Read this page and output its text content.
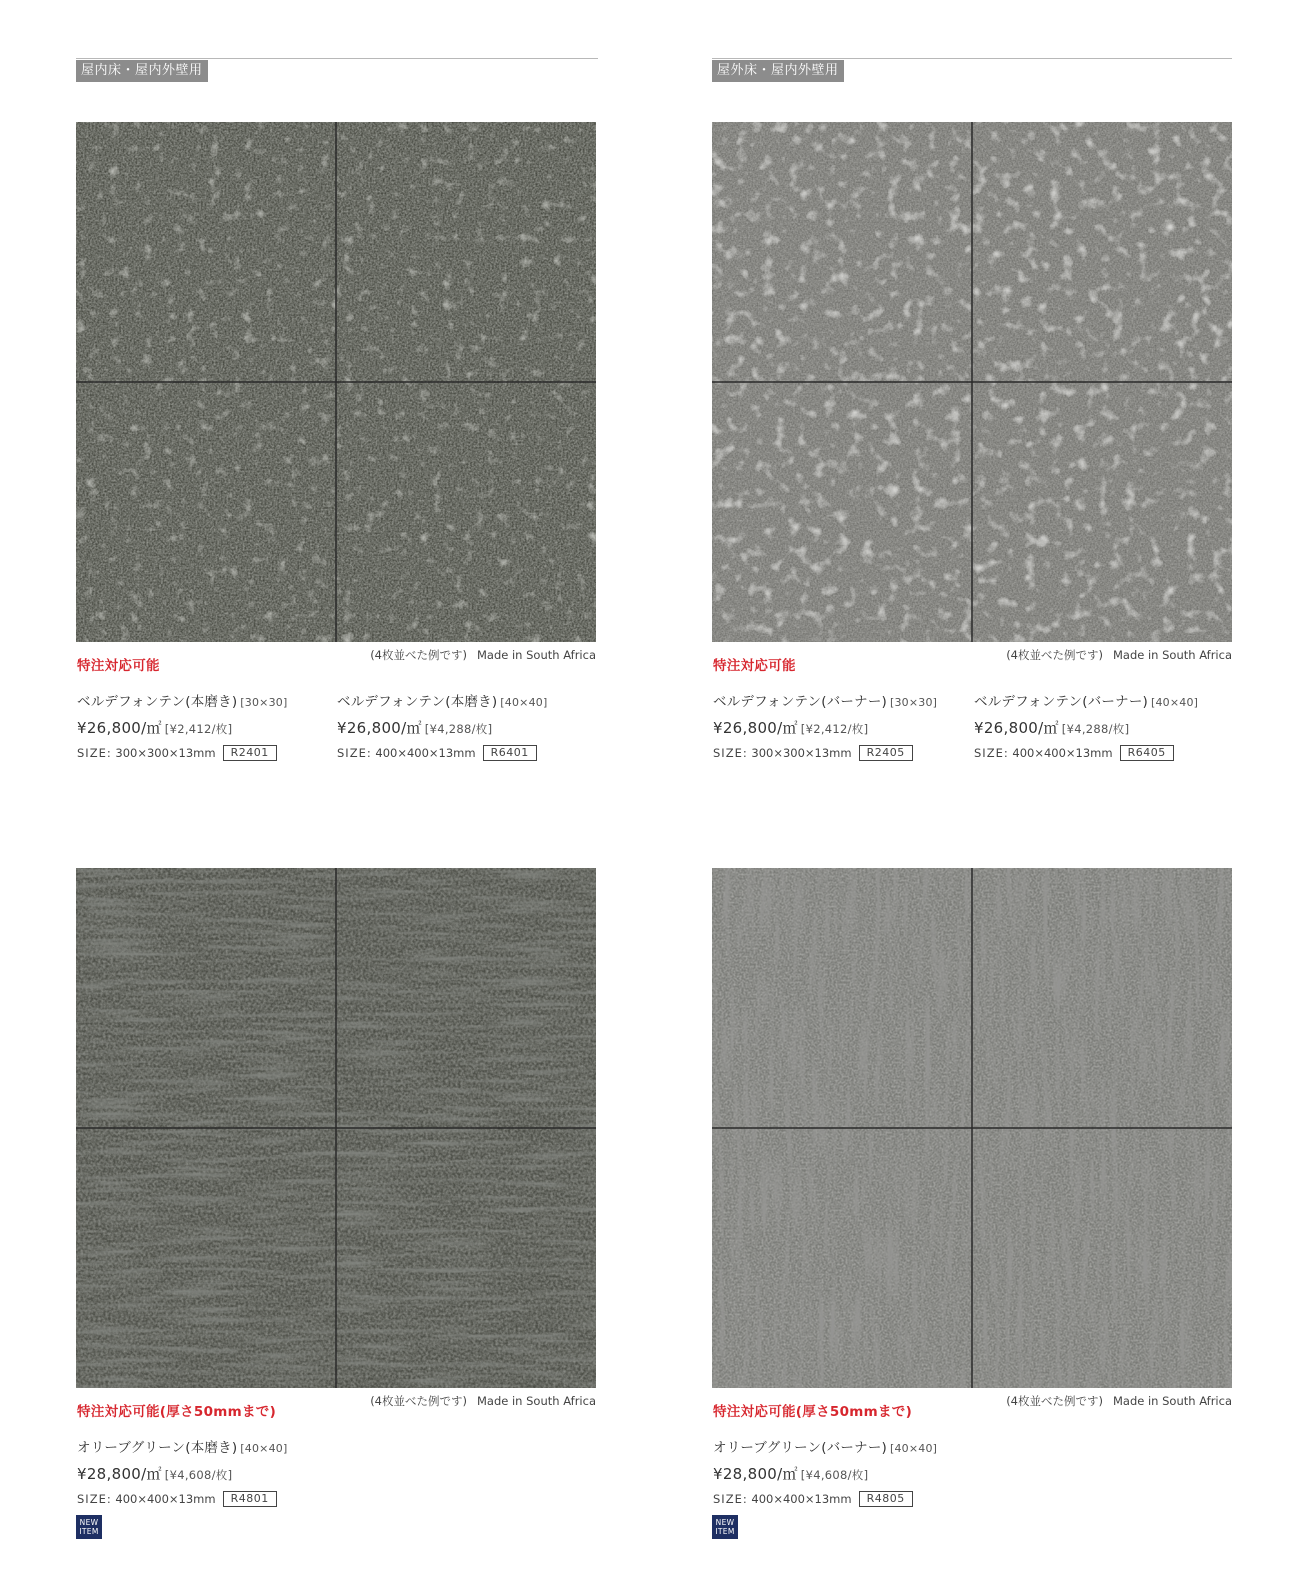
屋内床・屋内外壁用
特注対応可能
(4枚並べた例です) Made in South Africa
ベルデフォンテン(本磨き) [30×30]
¥26,800/㎡ [¥2,412/枚]
SIZE:
300×300×13mm	R2401
ベルデフォンテン(本磨き) [40×40]
¥26,800/㎡ [¥4,288/枚]
SIZE:
400×400×13mm	R6401
特注対応可能(厚さ50mmまで)
(4枚並べた例です) Made in South Africa
オリーブグリーン(本磨き) [40×40]
¥28,800/㎡ [¥4,608/枚]
SIZE:
400×400×13mm	R4801
NEW
ITEM
屋外床・屋内外壁用
特注対応可能
(4枚並べた例です) Made in South Africa
ベルデフォンテン(バーナー) [30×30]
¥26,800/㎡ [¥2,412/枚]
SIZE:
300×300×13mm	R2405
ベルデフォンテン(バーナー) [40×40]
¥26,800/㎡ [¥4,288/枚]
SIZE:
400×400×13mm	R6405
特注対応可能(厚さ50mmまで)
(4枚並べた例です) Made in South Africa
オリーブグリーン(バーナー) [40×40]
¥28,800/㎡ [¥4,608/枚]
SIZE:
400×400×13mm	R4805
NEW
ITEM
